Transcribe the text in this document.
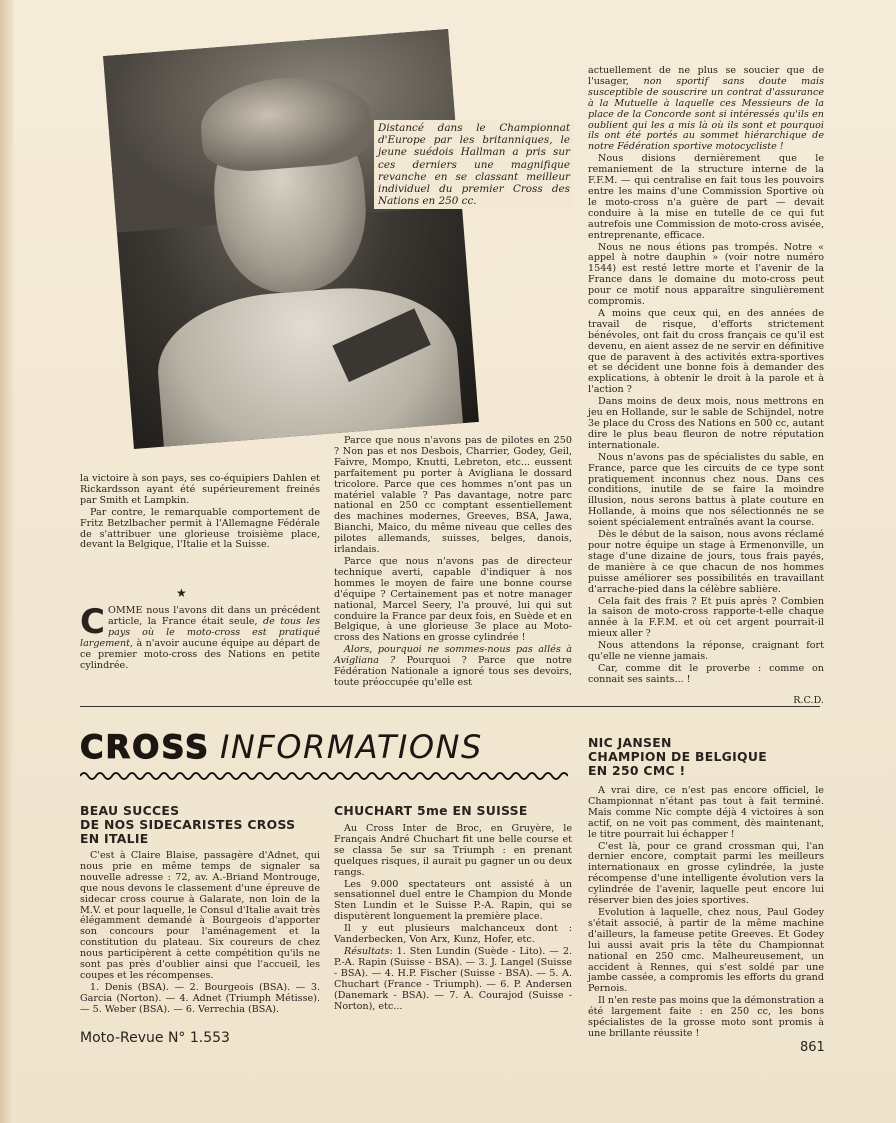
Distancé dans le Championnat d'Europe par les britanniques, le jeune suédois Hallman a pris sur ces derniers une magnifique revanche en se classant meilleur individuel du premier Cross des Nations en 250 cc.

la victoire à son pays, ses co-équipiers Dahlen et Rickardsson ayant été supérieurement freinés par Smith et Lampkin.

Par contre, le remarquable comportement de Fritz Betzlbacher permit à l'Allemagne Fédérale de s'attribuer une glorieuse troisième place, devant la Belgique, l'Italie et la Suisse.

★

COMME nous l'avons dit dans un précédent article, la France était seule, de tous les pays où le moto-cross est pratiqué largement, à n'avoir aucune équipe au départ de ce premier moto-cross des Nations en petite cylindrée.

Parce que nous n'avons pas de pilotes en 250 ? Non pas et nos Desbois, Charrier, Godey, Geil, Faivre, Mompo, Knutti, Lebreton, etc... eussent parfaitement pu porter à Avigliana le dossard tricolore. Parce que ces hommes n'ont pas un matériel valable ? Pas davantage, notre parc national en 250 cc comptant essentiellement des machines modernes, Greeves, BSA, Jawa, Bianchi, Maico, du même niveau que celles des pilotes allemands, suisses, belges, danois, irlandais.

Parce que nous n'avons pas de directeur technique averti, capable d'indiquer à nos hommes le moyen de faire une bonne course d'équipe ? Certainement pas et notre manager national, Marcel Seery, l'a prouvé, lui qui sut conduire la France par deux fois, en Suède et en Belgique, à une glorieuse 3e place au Moto-cross des Nations en grosse cylindrée !

Alors, pourquoi ne sommes-nous pas allés à Avigliana ? Pourquoi ? Parce que notre Fédération Nationale a ignoré tous ses devoirs, toute préoccupée qu'elle est

actuellement de ne plus se soucier que de l'usager, non sportif sans doute mais susceptible de souscrire un contrat d'assurance à la Mutuelle à laquelle ces Messieurs de la place de la Concorde sont si intéressés qu'ils en oublient qui les a mis là où ils sont et pourquoi ils ont été portés au sommet hiérarchique de notre Fédération sportive motocycliste !

Nous disions dernièrement que le remaniement de la structure interne de la F.F.M. — qui centralise en fait tous les pouvoirs entre les mains d'une Commission Sportive où le moto-cross n'a guère de part — devait conduire à la mise en tutelle de ce qui fut autrefois une Commission de moto-cross avisée, entreprenante, efficace.

Nous ne nous étions pas trompés. Notre « appel à notre dauphin » (voir notre numéro 1544) est resté lettre morte et l'avenir de la France dans le domaine du moto-cross peut pour ce motif nous apparaître singulièrement compromis.

A moins que ceux qui, en des années de travail de risque, d'efforts strictement bénévoles, ont fait du cross français ce qu'il est devenu, en aient assez de ne servir en définitive que de paravent à des activités extra-sportives et se décident une bonne fois à demander des explications, à obtenir le droit à la parole et à l'action ?

Dans moins de deux mois, nous mettrons en jeu en Hollande, sur le sable de Schijndel, notre 3e place du Cross des Nations en 500 cc, autant dire le plus beau fleuron de notre réputation internationale.

Nous n'avons pas de spécialistes du sable, en France, parce que les circuits de ce type sont pratiquement inconnus chez nous. Dans ces conditions, inutile de se faire la moindre illusion, nous serons battus à plate couture en Hollande, à moins que nos sélectionnés ne se soient spécialement entraînés avant la course.

Dès le début de la saison, nous avons réclamé pour notre équipe un stage à Ermenonville, un stage d'une dizaine de jours, tous frais payés, de manière à ce que chacun de nos hommes puisse améliorer ses possibilités en travaillant d'arrache-pied dans la célèbre sablière.

Cela fait des frais ? Et puis après ? Combien la saison de moto-cross rapporte-t-elle chaque année à la F.F.M. et où cet argent pourrait-il mieux aller ?

Nous attendons la réponse, craignant fort qu'elle ne vienne jamais.

Car, comme dit le proverbe : comme on connait ses saints... !

R.C.D.
CROSS INFORMATIONS
BEAU SUCCES
DE NOS SIDECARISTES CROSS
EN ITALIE

C'est à Claire Blaise, passagère d'Adnet, qui nous prie en même temps de signaler sa nouvelle adresse : 72, av. A.-Briand Montrouge, que nous devons le classement d'une épreuve de sidecar cross courue à Galarate, non loin de la M.V. et pour laquelle, le Consul d'Italie avait très élégamment demandé à Bourgeois d'apporter son concours pour l'aménagement et la constitution du plateau. Six coureurs de chez nous participèrent à cette compétition qu'ils ne sont pas près d'oublier ainsi que l'accueil, les coupes et les récompenses.

1. Denis (BSA). — 2. Bourgeois (BSA). — 3. Garcia (Norton). — 4. Adnet (Triumph Métisse). — 5. Weber (BSA). — 6. Verrechia (BSA).

CHUCHART 5me EN SUISSE

Au Cross Inter de Broc, en Gruyère, le Français André Chuchart fit une belle course et se classa 5e sur sa Triumph : en prenant quelques risques, il aurait pu gagner un ou deux rangs.

Les 9.000 spectateurs ont assisté à un sensationnel duel entre le Champion du Monde Sten Lundin et le Suisse P.-A. Rapin, qui se disputèrent longuement la première place.

Il y eut plusieurs malchanceux dont : Vanderbecken, Von Arx, Kunz, Hofer, etc.

Résultats: 1. Sten Lundin (Suède - Lito). — 2. P.-A. Rapin (Suisse - BSA). — 3. J. Langel (Suisse - BSA). — 4. H.P. Fischer (Suisse - BSA). — 5. A. Chuchart (France - Triumph). — 6. P. Andersen (Danemark - BSA). — 7. A. Courajod (Suisse - Norton), etc...

NIC JANSEN
CHAMPION DE BELGIQUE
EN 250 CMC !

A vrai dire, ce n'est pas encore officiel, le Championnat n'étant pas tout à fait terminé. Mais comme Nic compte déjà 4 victoires à son actif, on ne voit pas comment, dès maintenant, le titre pourrait lui échapper !

C'est là, pour ce grand crossman qui, l'an dernier encore, comptait parmi les meilleurs internationaux en grosse cylindrée, la juste récompense d'une intelligente évolution vers la cylindrée de l'avenir, laquelle peut encore lui réserver bien des joies sportives.

Evolution à laquelle, chez nous, Paul Godey s'était associé, à partir de la même machine d'ailleurs, la fameuse petite Greeves. Et Godey lui aussi avait pris la tête du Championnat national en 250 cmc. Malheureusement, un accident à Rennes, qui s'est soldé par une jambe cassée, a compromis les efforts du grand Pernois.

Il n'en reste pas moins que la démonstration a été largement faite : en 250 cc, les bons spécialistes de la grosse moto sont promis à une brillante réussite !

Moto-Revue N° 1.553
861
